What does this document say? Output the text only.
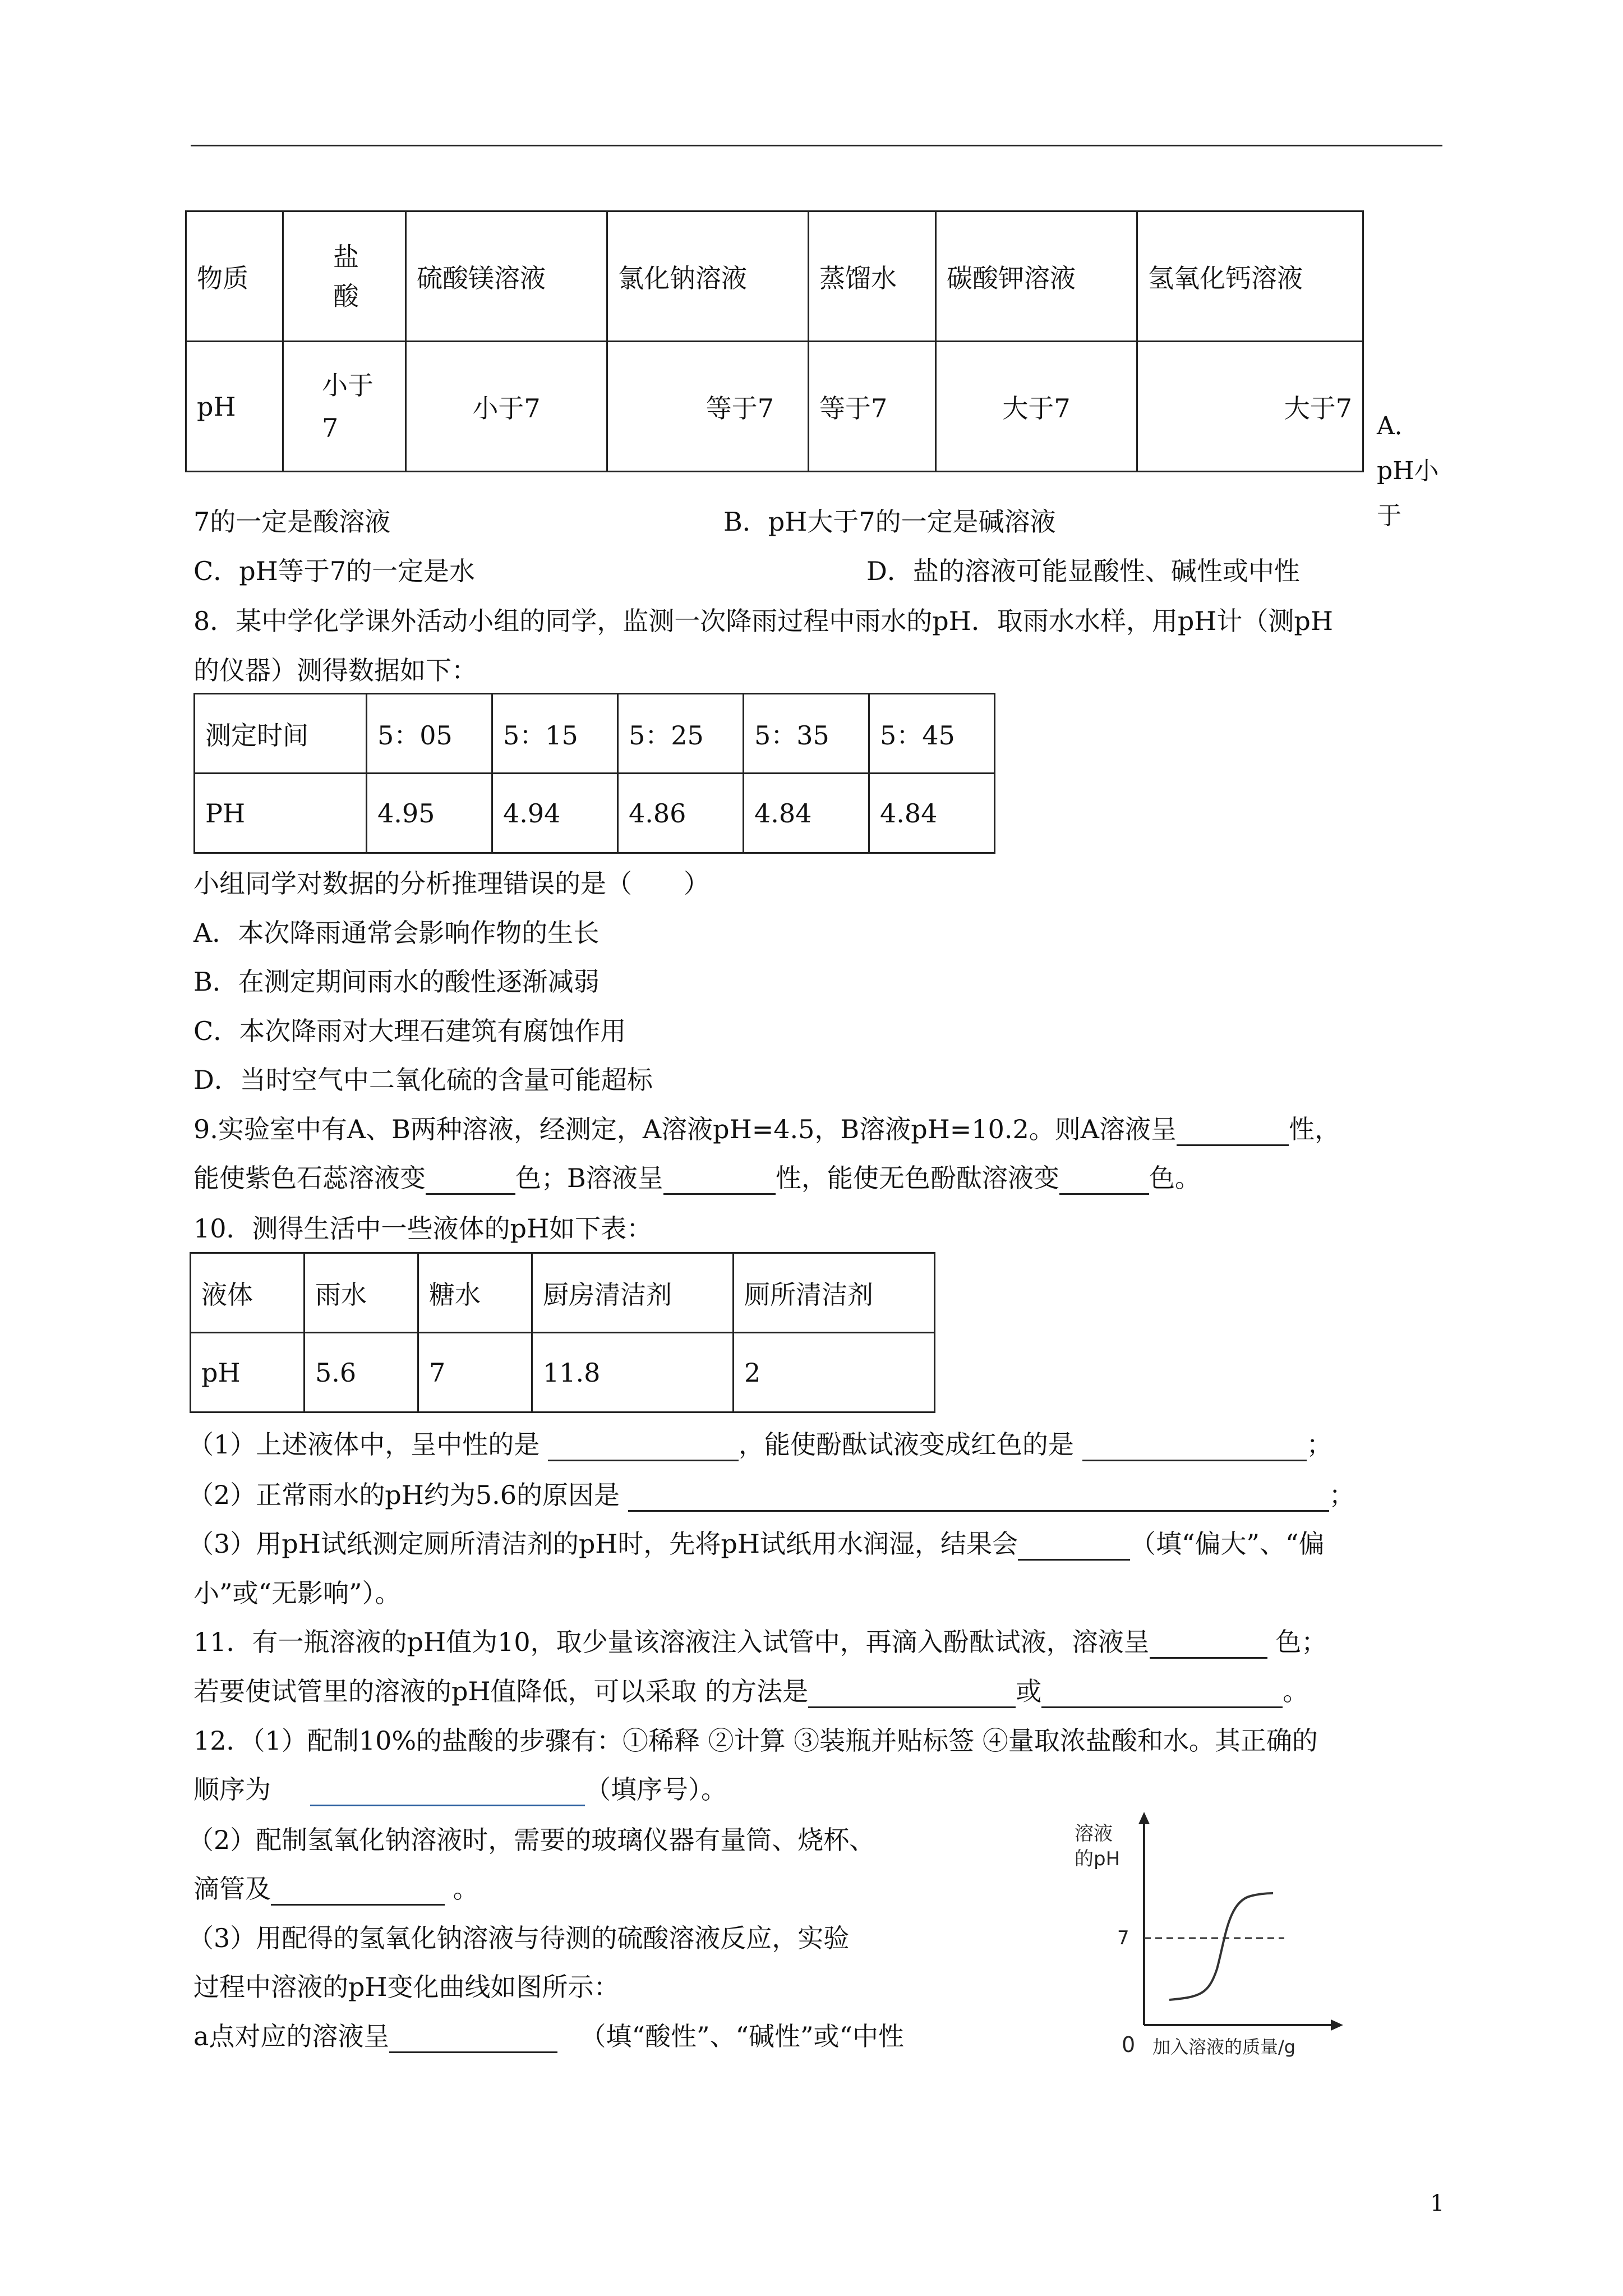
物质	盐酸	硫酸镁溶液	氯化钠溶液	蒸馏水	碳酸钾溶液	氢氧化钙溶液
pH	小于7	小于7	等于7	等于7	大于7	大于7
A．pH小于
7的一定是酸溶液	B．pH大于7的一定是碱溶液
C．pH等于7的一定是水	D．盐的溶液可能显酸性、碱性或中性
8．某中学化学课外活动小组的同学，监测一次降雨过程中雨水的pH．取雨水水样，用pH计（测pH
的仪器）测得数据如下：
测定时间	5：05	5：15	5：25	5：35	5：45
PH	4.95	4.94	4.86	4.84	4.84
小组同学对数据的分析推理错误的是（　　）
A．本次降雨通常会影响作物的生长
B．在测定期间雨水的酸性逐渐减弱
C．本次降雨对大理石建筑有腐蚀作用
D．当时空气中二氧化硫的含量可能超标
9.实验室中有A、B两种溶液，经测定，A溶液pH=4.5，B溶液pH=10.2。则A溶液呈	性，
能使紫色石蕊溶液变	色；B溶液呈	性，能使无色酚酞溶液变	色。
10．测得生活中一些液体的pH如下表：
液体	雨水	糖水	厨房清洁剂	厕所清洁剂
pH	5.6	7	11.8	2
（1）上述液体中，呈中性的是	，能使酚酞试液变成红色的是	；
（2）正常雨水的pH约为5.6的原因是	；
（3）用pH试纸测定厕所清洁剂的pH时，先将pH试纸用水润湿，结果会	（填“偏大”、“偏
小”或“无影响”）。
11．有一瓶溶液的pH值为10，取少量该溶液注入试管中，再滴入酚酞试液，溶液呈	色；
若要使试管里的溶液的pH值降低，可以采取 的方法是	或	。
12．（1）配制10%的盐酸的步骤有：①稀释 ②计算 ③装瓶并贴标签 ④量取浓盐酸和水。其正确的
顺序为	（填序号）。
（2）配制氢氧化钠溶液时，需要的玻璃仪器有量筒、烧杯、
滴管及	。
（3）用配得的氢氧化钠溶液与待测的硫酸溶液反应，实验
过程中溶液的pH变化曲线如图所示：
a点对应的溶液呈	（填“酸性”、“碱性”或“中性
溶液
的pH
7
0 加入溶液的质量/g
1
